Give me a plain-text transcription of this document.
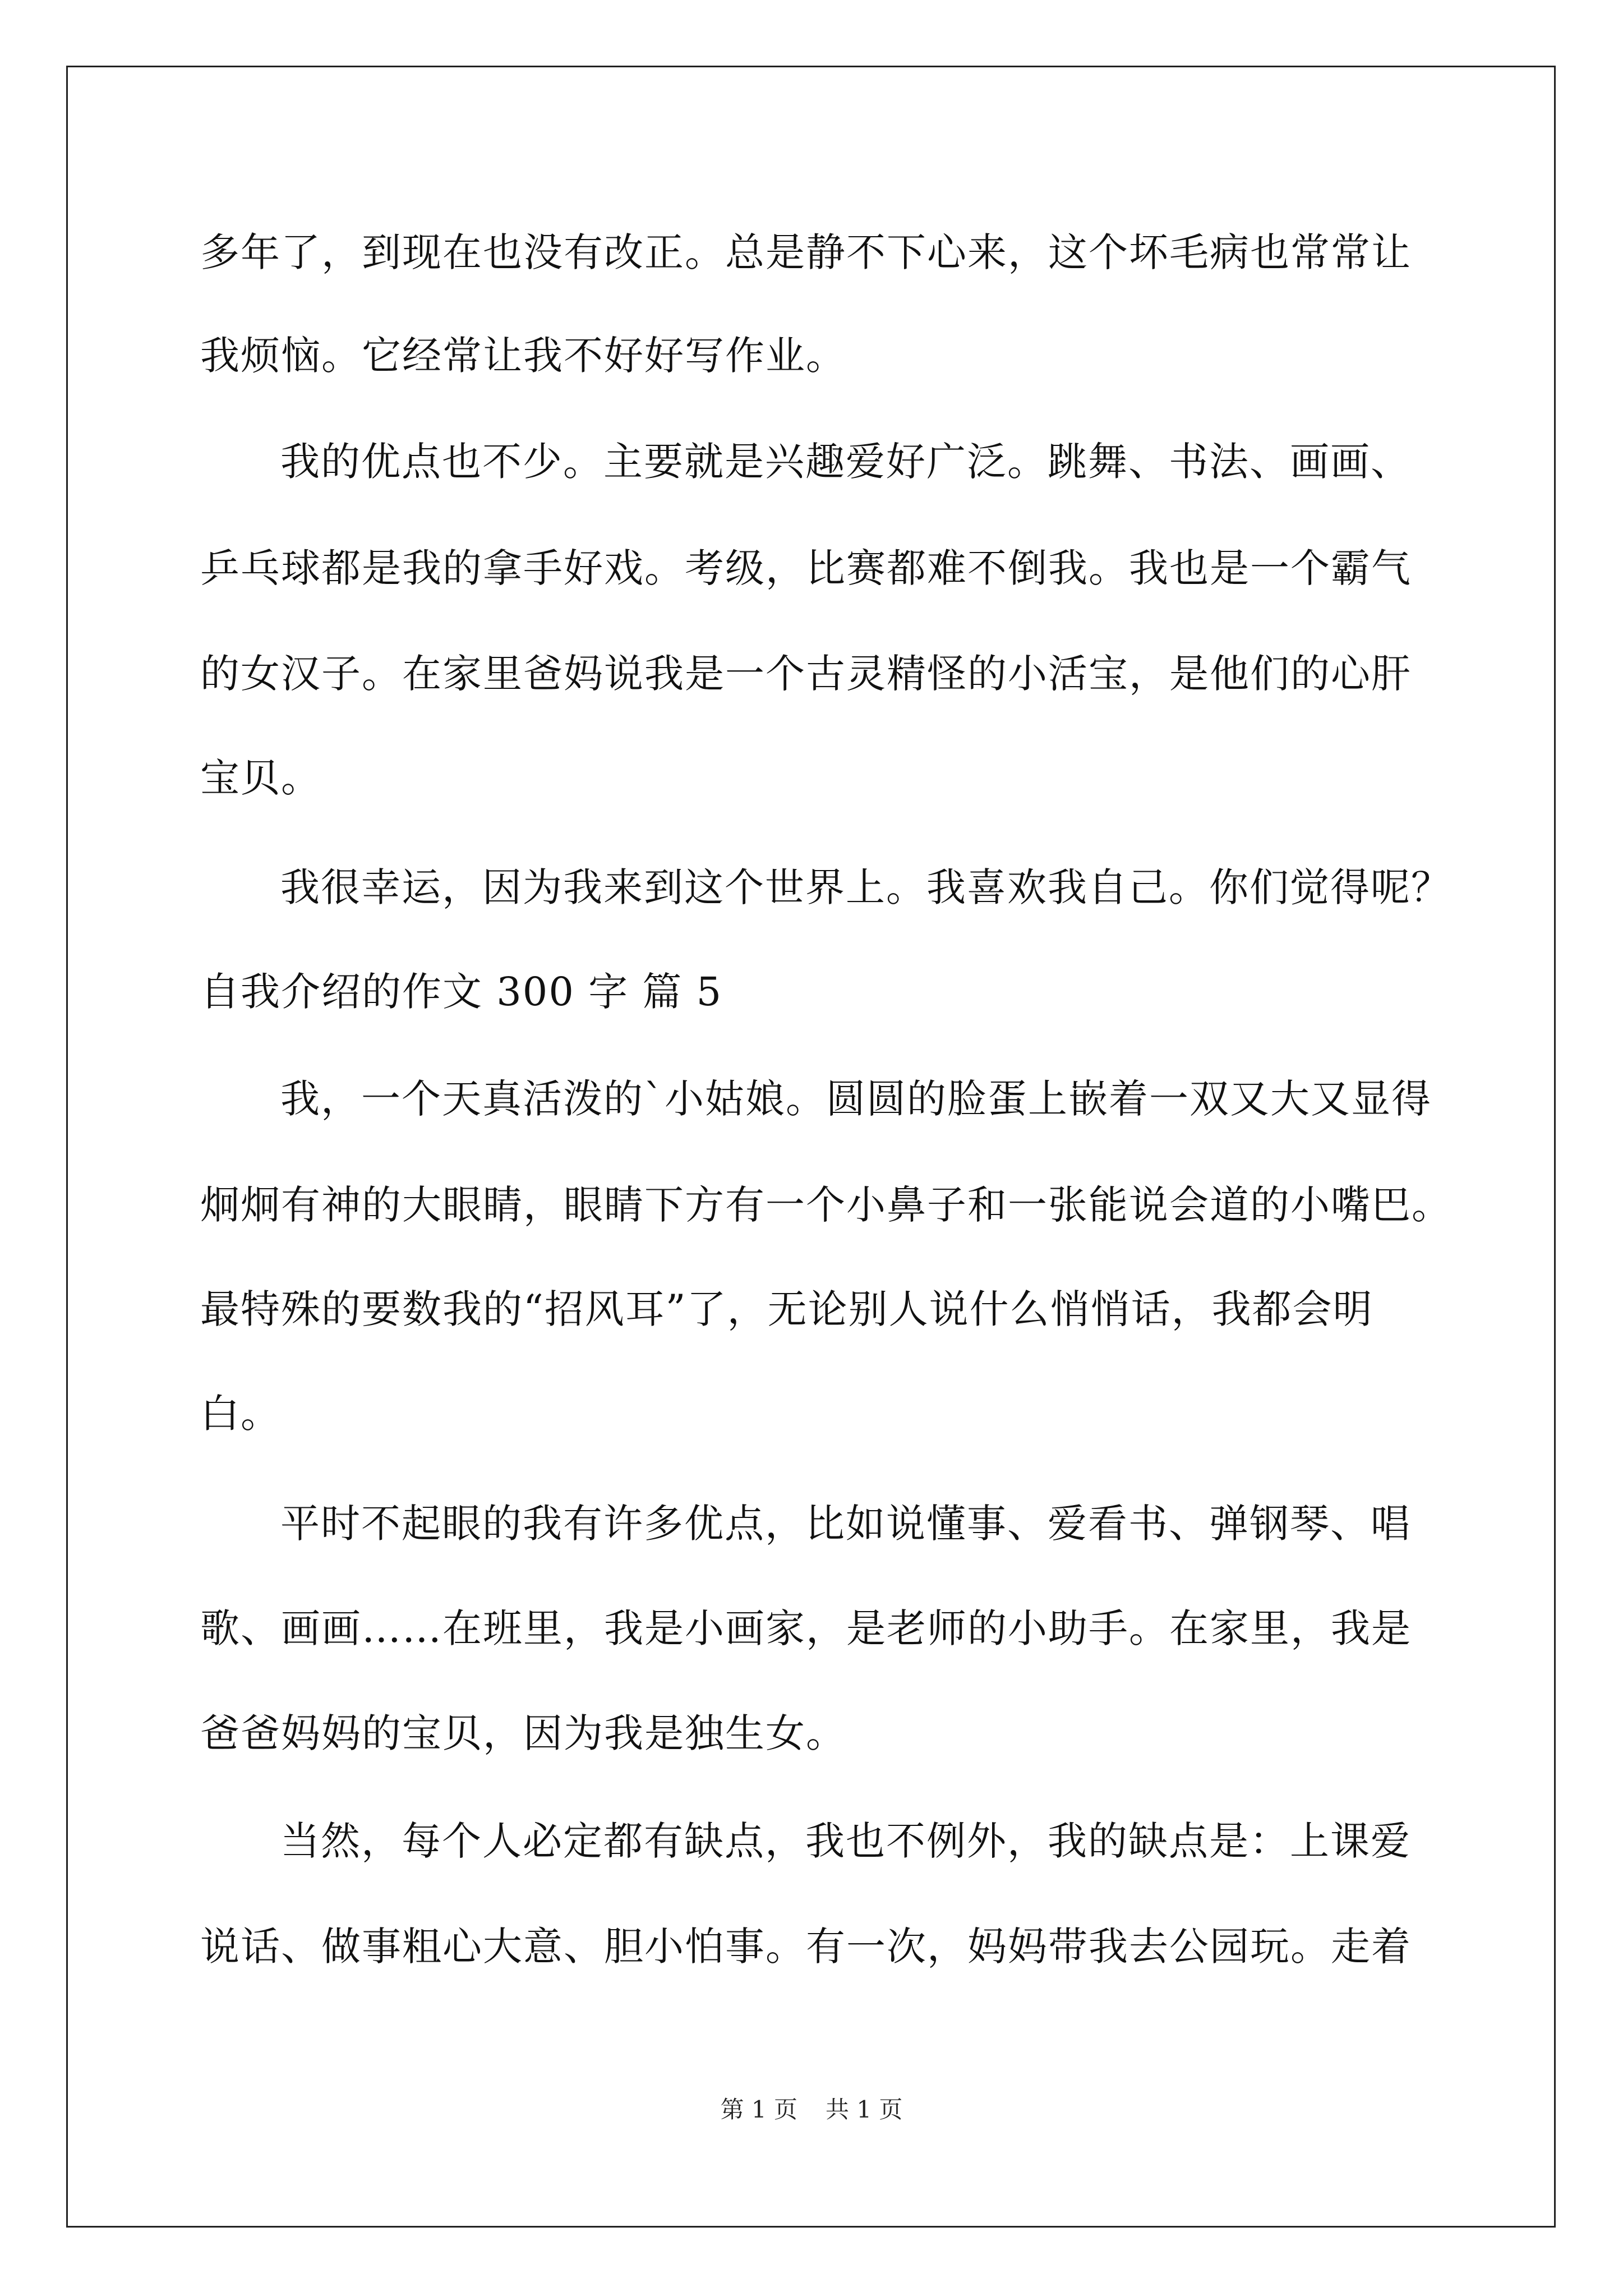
多年了，到现在也没有改正。总是静不下心来，这个坏毛病也常常让
我烦恼。它经常让我不好好写作业。
我的优点也不少。主要就是兴趣爱好广泛。跳舞、书法、画画、
乒乓球都是我的拿手好戏。考级，比赛都难不倒我。我也是一个霸气
的女汉子。在家里爸妈说我是一个古灵精怪的小活宝，是他们的心肝
宝贝。
我很幸运，因为我来到这个世界上。我喜欢我自己。你们觉得呢？
自我介绍的作文 300 字 篇 5
我，一个天真活泼的`小姑娘。圆圆的脸蛋上嵌着一双又大又显得
炯炯有神的大眼睛，眼睛下方有一个小鼻子和一张能说会道的小嘴巴。
最特殊的要数我的“招风耳”了，无论别人说什么悄悄话，我都会明
白。
平时不起眼的我有许多优点，比如说懂事、爱看书、弹钢琴、唱
歌、画画……在班里，我是小画家，是老师的小助手。在家里，我是
爸爸妈妈的宝贝，因为我是独生女。
当然，每个人必定都有缺点，我也不例外，我的缺点是：上课爱
说话、做事粗心大意、胆小怕事。有一次，妈妈带我去公园玩。走着
第 1 页 共 1 页
